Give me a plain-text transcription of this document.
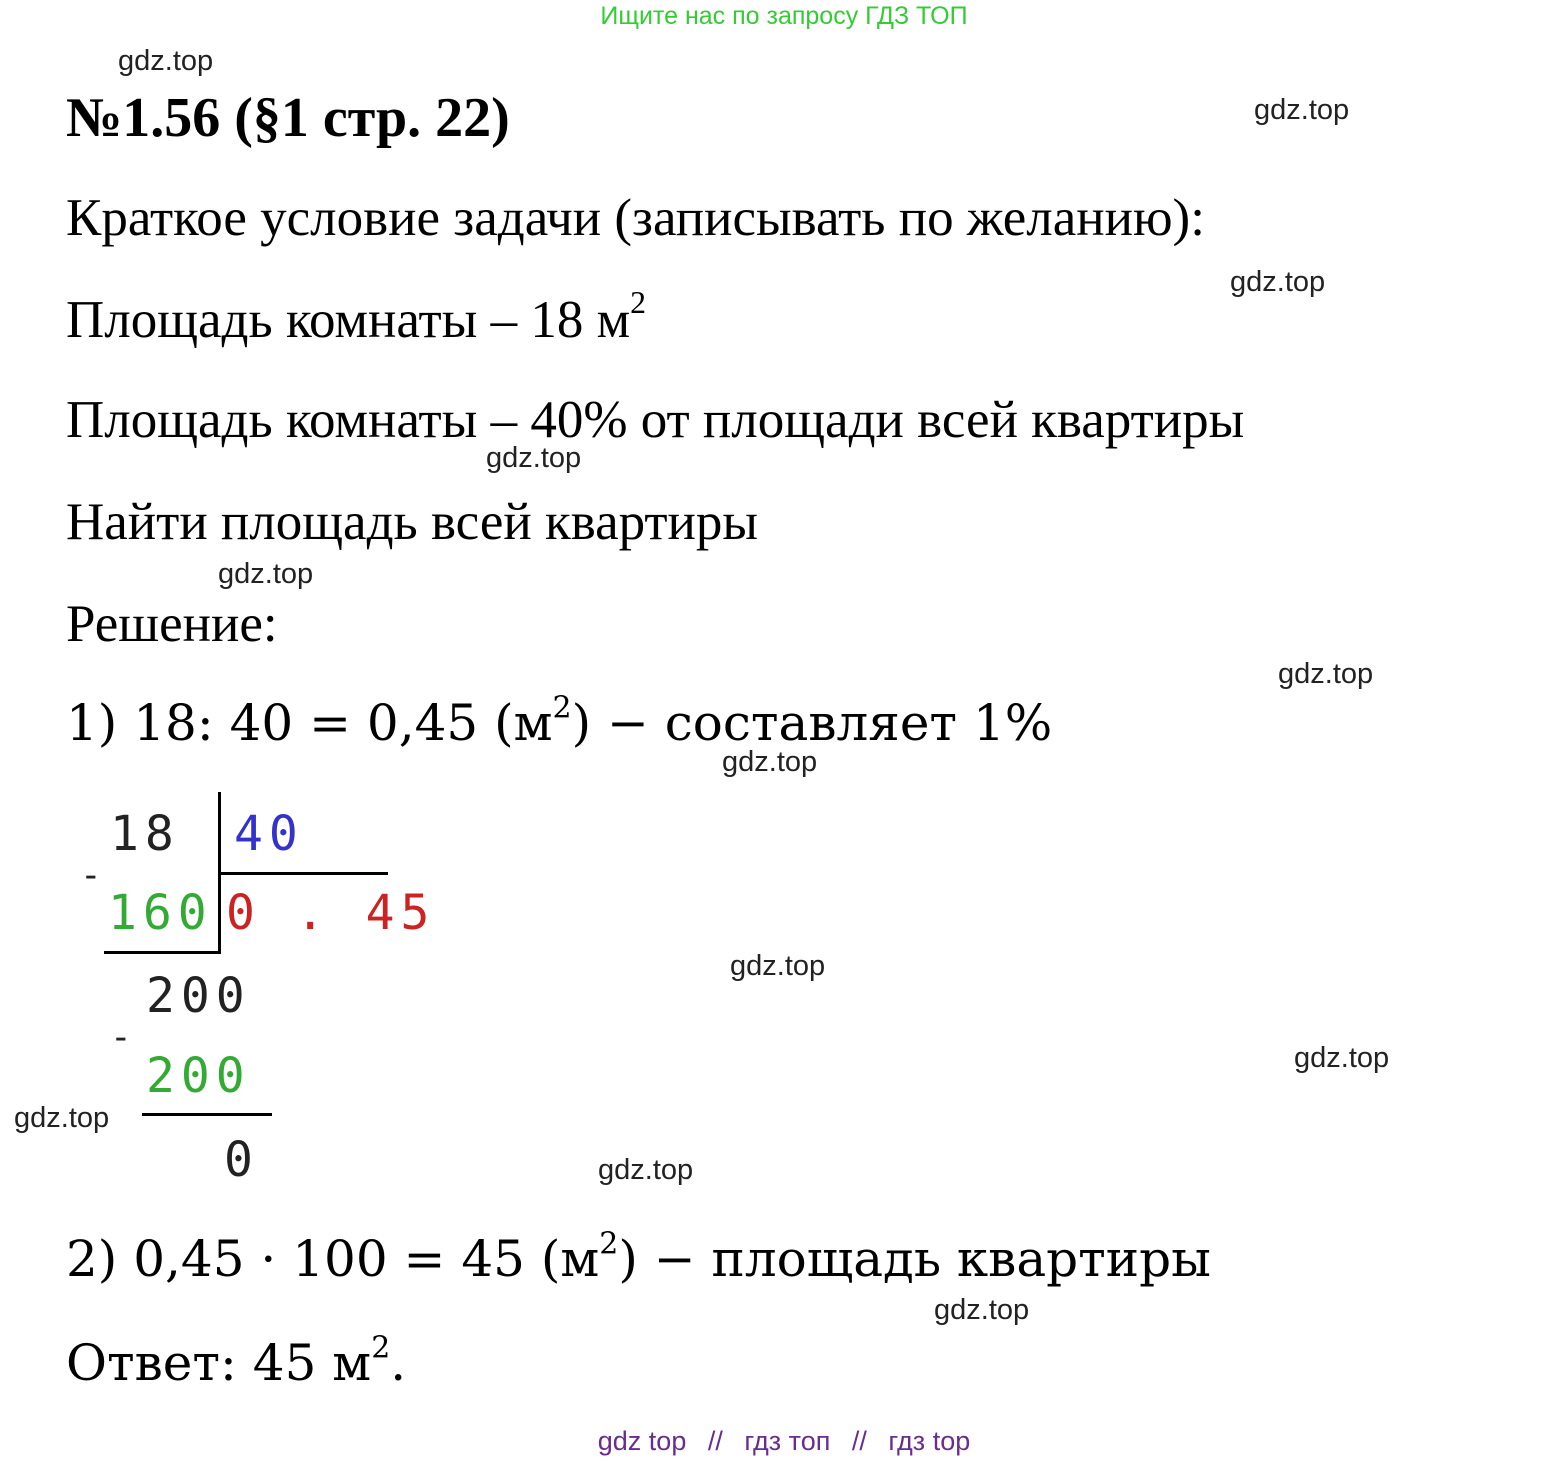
Ищите нас по запросу ГДЗ ТОП
gdz.top
gdz.top
gdz.top
gdz.top
gdz.top
gdz.top
gdz.top
gdz.top
gdz.top
gdz.top
gdz.top
gdz.top
№1.56 (§1 стр. 22)
Краткое условие задачи (записывать по желанию):
Площадь комнаты – 18 $м^2$
Площадь комнаты – 40% от площади всей квартиры
Найти площадь всей квартиры
Решение:
1) 18: 40 = 0,45 $(м^2)$ − составляет 1%
18 40
-
160 0 . 45
200
-
200
0
2) 0,45 · 100 = 45 $(м^2)$ − площадь квартиры
Ответ: 45 $м^2$.
gdz top // гдз топ // гдз top
